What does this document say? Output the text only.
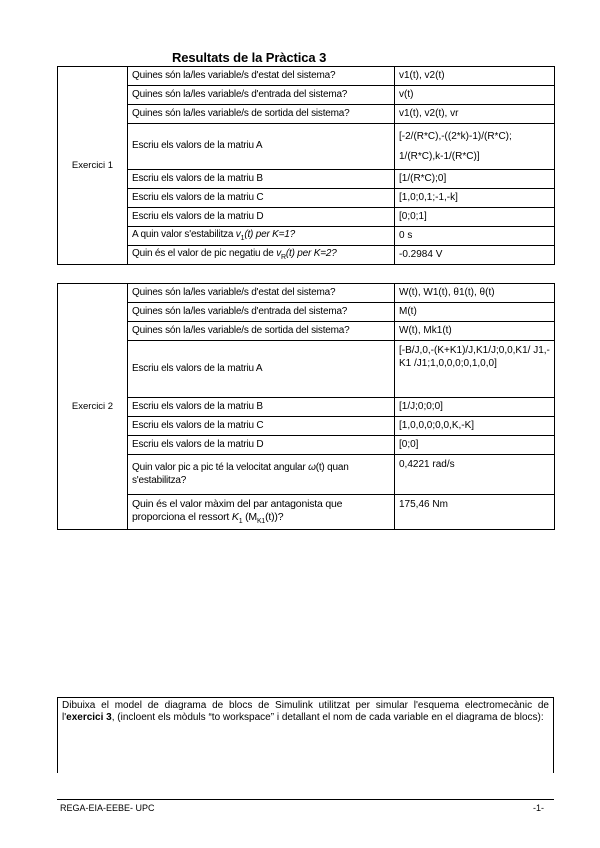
Resultats de la Pràctica 3
Exercici 1	Quines són la/les variable/s d'estat del sistema?	v1(t), v2(t)
	Quines són la/les variable/s d'entrada del sistema?	v(t)
	Quines són la/les variable/s de sortida del sistema?	v1(t), v2(t), vr
	Escriu els valors de la matriu A	[-2/(R*C),-((2*k)-1)/(R*C); 1/(R*C),k-1/(R*C)]
	Escriu els valors de la matriu B	[1/(R*C);0]
	Escriu els valors de la matriu C	[1,0;0,1;-1,-k]
	Escriu els valors de la matriu D	[0;0;1]
	A quin valor s'estabilitza $v_1(t)$ per K=1?	0 s
	Quin és el valor de pic negatiu de $v_R(t)$ per K=2?	-0.2984 V
Exercici 2	Quines són la/les variable/s d'estat del sistema?	W(t), W1(t), θ1(t), θ(t)
	Quines són la/les variable/s d'entrada del sistema?	M(t)
	Quines són la/les variable/s de sortida del sistema?	W(t), Mk1(t)
	Escriu els valors de la matriu A	[-B/J,0,-(K+K1)/J,K1/J;0,0,K1/ J1,-K1 /J1;1,0,0,0;0,1,0,0]
	Escriu els valors de la matriu B	[1/J;0;0;0]
	Escriu els valors de la matriu C	[1,0,0,0;0,0,K,-K]
	Escriu els valors de la matriu D	[0;0]
	Quin valor pic a pic té la velocitat angular ω(t) quan s'estabilitza?	0,4221 rad/s
	Quin és el valor màxim del par antagonista que proporciona el ressort $K_1$ $(M_{K1}(t))$?	175,46 Nm
Dibuixa el model de diagrama de blocs de Simulink utilitzat per simular l'esquema electromecànic de l'exercici 3, (incloent els mòduls “to workspace” i detallant el nom de cada variable en el diagrama de blocs):
REGA-EIA-EEBE- UPC	-1-
